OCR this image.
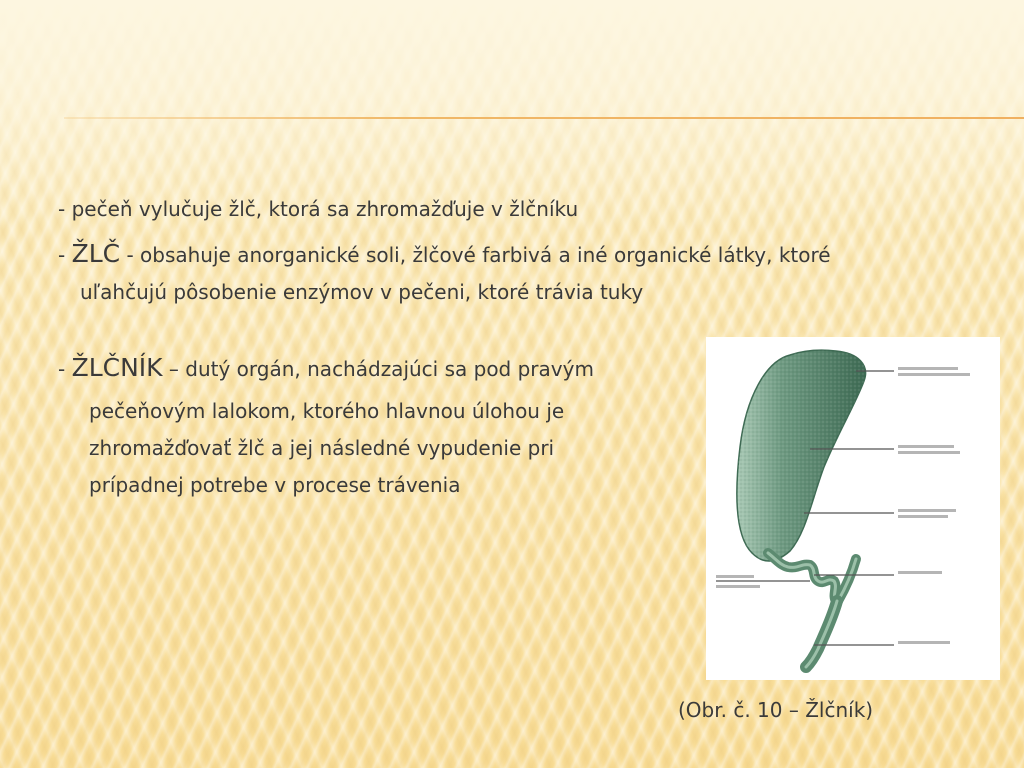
- pečeň vylučuje žlč, ktorá sa zhromažďuje v žlčníku
- ŽLČ - obsahuje anorganické soli, žlčové farbivá a iné organické látky, ktoré
uľahčujú pôsobenie enzýmov v pečeni, ktoré trávia tuky
- ŽLČNÍK – dutý orgán, nachádzajúci sa pod pravým
pečeňovým lalokom, ktorého hlavnou úlohou je
zhromažďovať žlč a jej následné vypudenie pri
prípadnej potrebe v procese trávenia
(Obr. č. 10 – Žlčník)
